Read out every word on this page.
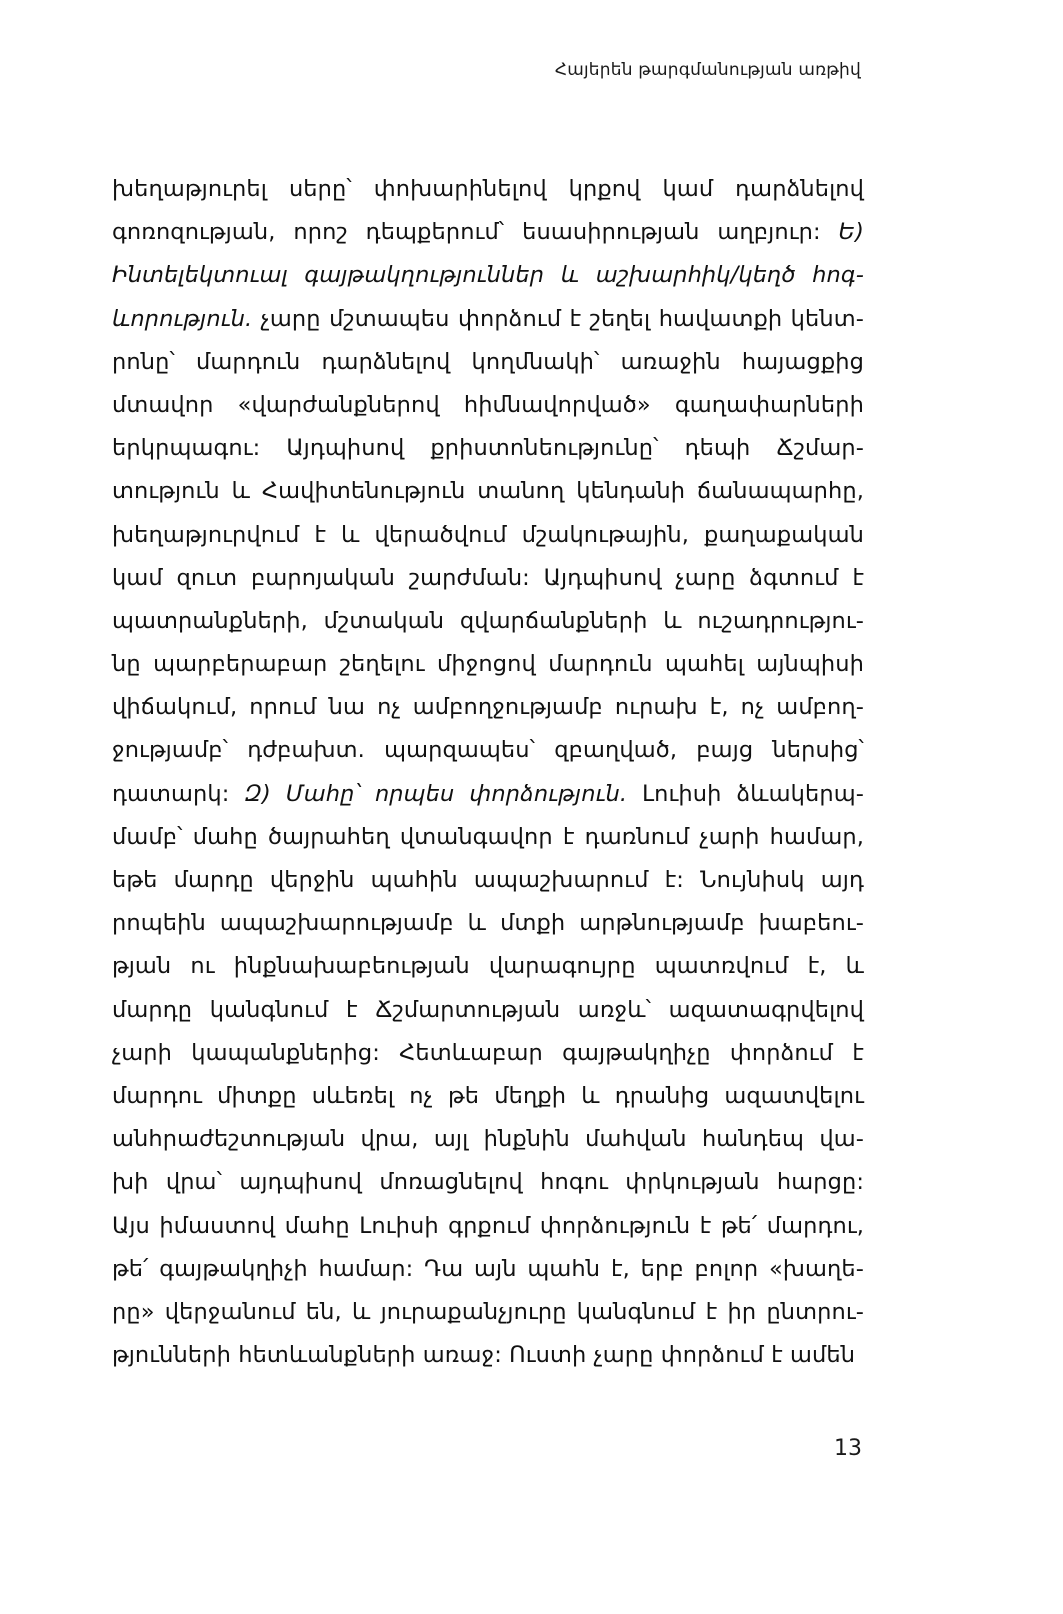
Հայերեն թարգմանության առթիվ
խեղաթյուրել սերը՝ փոխարինելով կրքով կամ դարձնելով
գոռոզության, որոշ դեպքերում՝ եսասիրության աղբյուր: Ե)
Ինտելեկտուալ գայթակղություններ և աշխարհիկ/կեղծ հոգ-
ևորություն. չարը մշտապես փորձում է շեղել հավատքի կենտ-
րոնը՝ մարդուն դարձնելով կողմնակի՝ առաջին հայացքից
մտավոր «վարժանքներով հիմնավորված» գաղափարների
երկրպագու: Այդպիսով քրիստոնեությունը՝ դեպի Ճշմար-
տություն և Հավիտենություն տանող կենդանի ճանապարհը,
խեղաթյուրվում է և վերածվում մշակութային, քաղաքական
կամ զուտ բարոյական շարժման: Այդպիսով չարը ձգտում է
պատրանքների, մշտական զվարճանքների և ուշադրությու-
նը պարբերաբար շեղելու միջոցով մարդուն պահել այնպիսի
վիճակում, որում նա ոչ ամբողջությամբ ուրախ է, ոչ ամբող-
ջությամբ՝ դժբախտ. պարզապես՝ զբաղված, բայց ներսից՝
դատարկ: Զ) Մահը՝ որպես փորձություն. Լուիսի ձևակերպ-
մամբ՝ մահը ծայրահեղ վտանգավոր է դառնում չարի համար,
եթե մարդը վերջին պահին ապաշխարում է: Նույնիսկ այդ
րոպեին ապաշխարությամբ և մտքի արթնությամբ խաբեու-
թյան ու ինքնախաբեության վարագույրը պատռվում է, և
մարդը կանգնում է Ճշմարտության առջև՝ ազատագրվելով
չարի կապանքներից: Հետևաբար գայթակղիչը փորձում է
մարդու միտքը սևեռել ոչ թե մեղքի և դրանից ազատվելու
անհրաժեշտության վրա, այլ ինքնին մահվան հանդեպ վա-
խի վրա՝ այդպիսով մոռացնելով հոգու փրկության հարցը:
Այս իմաստով մահը Լուիսի գրքում փորձություն է թե՛ մարդու,
թե՛ գայթակղիչի համար: Դա այն պահն է, երբ բոլոր «խաղե-
րը» վերջանում են, և յուրաքանչյուրը կանգնում է իր ընտրու-
թյունների հետևանքների առաջ: Ուստի չարը փորձում է ամեն
13
